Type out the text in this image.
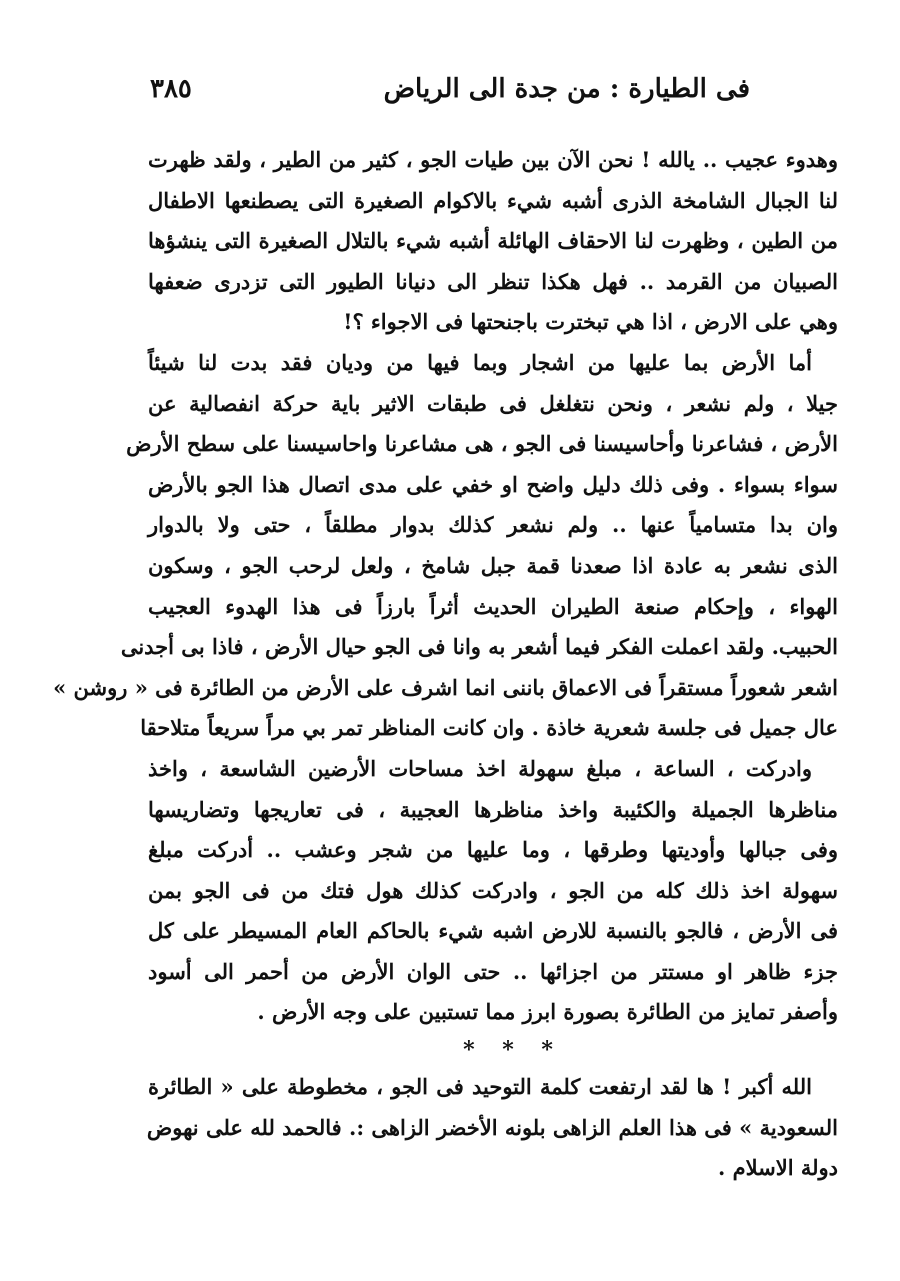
فى الطيارة : من جدة الى الرياض
٣٨٥
وهدوء عجيب .. يالله ! نحن الآن بين طيات الجو ، كثير من الطير ، ولقد ظهرت
لنا الجبال الشامخة الذرى أشبه شيء بالاكوام الصغيرة التى يصطنعها الاطفال
من الطين ، وظهرت لنا الاحقاف الهائلة أشبه شيء بالتلال الصغيرة التى ينشؤها
الصبيان من القرمد .. فهل هكذا تنظر الى دنيانا الطيور التى تزدرى ضعفها
وهي على الارض ، اذا هي تبخترت باجنحتها فى الاجواء ؟!
أما الأرض بما عليها من اشجار وبما فيها من وديان فقد بدت لنا شيئاً
جيلا ، ولم نشعر ، ونحن نتغلغل فى طبقات الاثير باية حركة انفصالية عن
الأرض ، فشاعرنا وأحاسيسنا فى الجو ، هى مشاعرنا واحاسيسنا على سطح الأرض
سواء بسواء . وفى ذلك دليل واضح او خفي على مدى اتصال هذا الجو بالأرض
وان بدا متسامياً عنها .. ولم نشعر كذلك بدوار مطلقاً ، حتى ولا بالدوار
الذى نشعر به عادة اذا صعدنا قمة جبل شامخ ، ولعل لرحب الجو ، وسكون
الهواء ، وإحكام صنعة الطيران الحديث أثراً بارزاً فى هذا الهدوء العجيب
الحبيب. ولقد اعملت الفكر فيما أشعر به وانا فى الجو حيال الأرض ، فاذا بى أجدنى
اشعر شعوراً مستقراً فى الاعماق باننى انما اشرف على الأرض من الطائرة فى « روشن »
عال جميل فى جلسة شعرية خاذة . وان كانت المناظر تمر بي مراً سريعاً متلاحقا
وادركت ، الساعة ، مبلغ سهولة اخذ مساحات الأرضين الشاسعة ، واخذ
مناظرها الجميلة والكئيبة واخذ مناظرها العجيبة ، فى تعاريجها وتضاريسها
وفى جبالها وأوديتها وطرقها ، وما عليها من شجر وعشب .. أدركت مبلغ
سهولة اخذ ذلك كله من الجو ، وادركت كذلك هول فتك من فى الجو بمن
فى الأرض ، فالجو بالنسبة للارض اشبه شيء بالحاكم العام المسيطر على كل
جزء ظاهر او مستتر من اجزائها .. حتى الوان الأرض من أحمر الى أسود
وأصفر تمايز من الطائرة بصورة ابرز مما تستبين على وجه الأرض .
* * *
الله أكبر ! ها لقد ارتفعت كلمة التوحيد فى الجو ، مخطوطة على « الطائرة
السعودية » فى هذا العلم الزاهى بلونه الأخضر الزاهى :. فالحمد لله على نهوض
دولة الاسلام .
